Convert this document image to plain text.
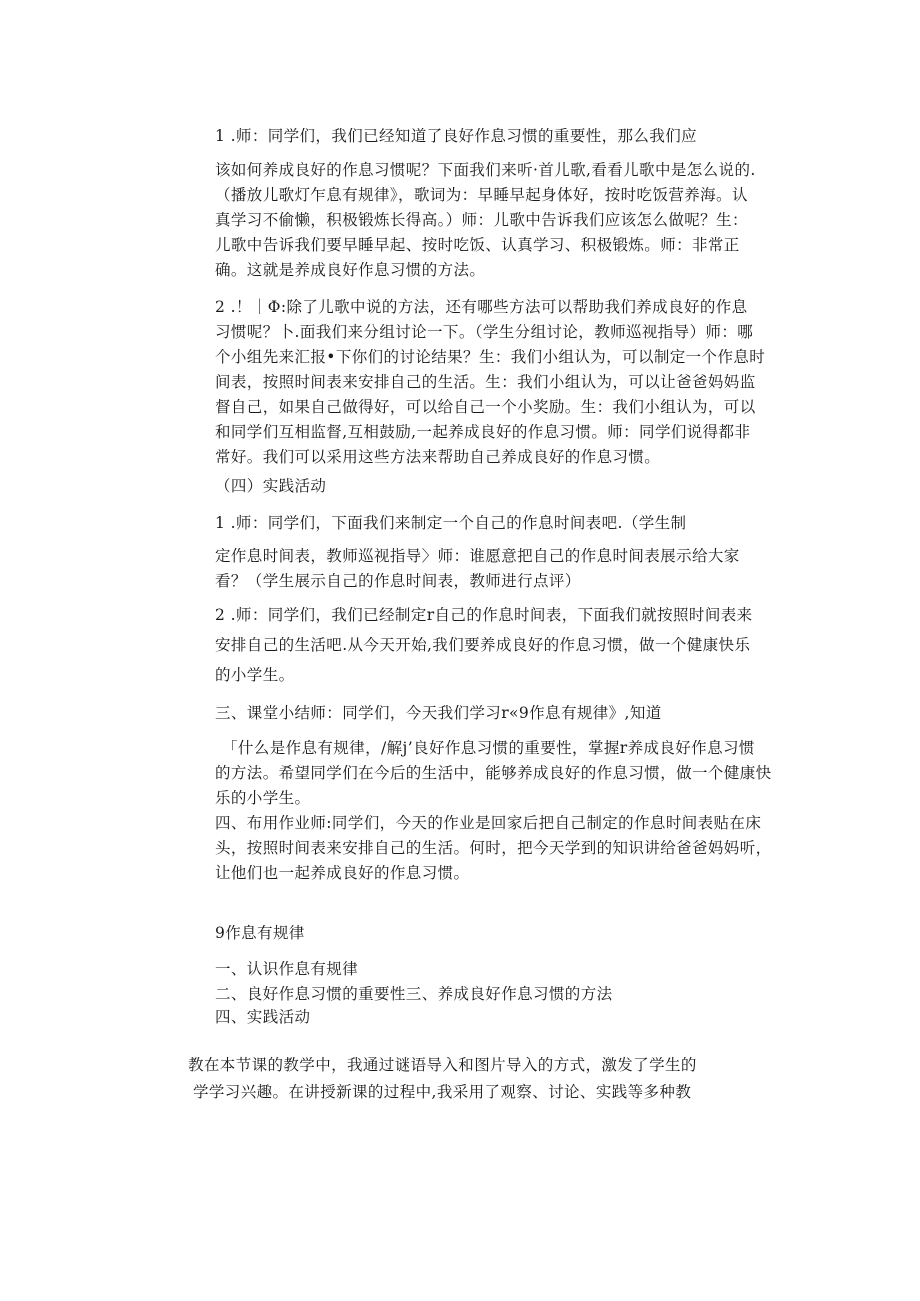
1 .师：同学们，我们已经知道了良好作息习惯的重要性，那么我们应
该如何养成良好的作息习惯呢？下面我们来听·首儿歌,看看儿歌中是怎么说的.
（播放儿歌灯乍息有规律》，歌词为：早睡早起身体好，按时吃饭营养海。认
真学习不偷懒，积极锻炼长得高。）师：儿歌中告诉我们应该怎么做呢？生：
儿歌中告诉我们要早睡早起、按时吃饭、认真学习、积极锻炼。师：非常正
确。这就是养成良好作息习惯的方法。
2 .！｜Φ:除了儿歌中说的方法，还有哪些方法可以帮助我们养成良好的作息
习惯呢？卜.面我们来分组讨论一下。（学生分组讨论，教师巡视指导）师：哪
个小组先来汇报•下你们的讨论结果？生：我们小组认为，可以制定一个作息时
间表，按照时间表来安排自己的生活。生：我们小组认为，可以让爸爸妈妈监
督自己，如果自己做得好，可以给自己一个小奖励。生：我们小组认为，可以
和同学们互相监督,互相鼓励,一起养成良好的作息习惯。师：同学们说得都非
常好。我们可以采用这些方法来帮助自己养成良好的作息习惯。
（四）实践活动
1 .师：同学们，下面我们来制定一个自己的作息时间表吧.（学生制
定作息时间表，教师巡视指导〉师：谁愿意把自己的作息时间表展示给大家
看？（学生展示自己的作息时间表，教师进行点评）
2 .师：同学们，我们已经制定r自己的作息时间表，下面我们就按照时间表来
安排自己的生活吧.从今天开始,我们要养成良好的作息习惯，做一个健康快乐
的小学生。
三、课堂小结师：同学们，今天我们学习r«9作息有规律》,知道
「什么是作息有规律，/解j’良好作息习惯的重要性，掌握r养成良好作息习惯
的方法。希望同学们在今后的生活中，能够养成良好的作息习惯，做一个健康快
乐的小学生。
四、布用作业师:同学们，今天的作业是回家后把自己制定的作息时间表贴在床
头，按照时间表来安排自己的生活。何时，把今天学到的知识讲给爸爸妈妈听，
让他们也一起养成良好的作息习惯。
9作息有规律
一、认识作息有规律
二、良好作息习惯的重要性三、养成良好作息习惯的方法
四、实践活动
教在本节课的教学中，我通过谜语导入和图片导入的方式，激发了学生的
学学习兴趣。在讲授新课的过程中,我采用了观察、讨论、实践等多种教
